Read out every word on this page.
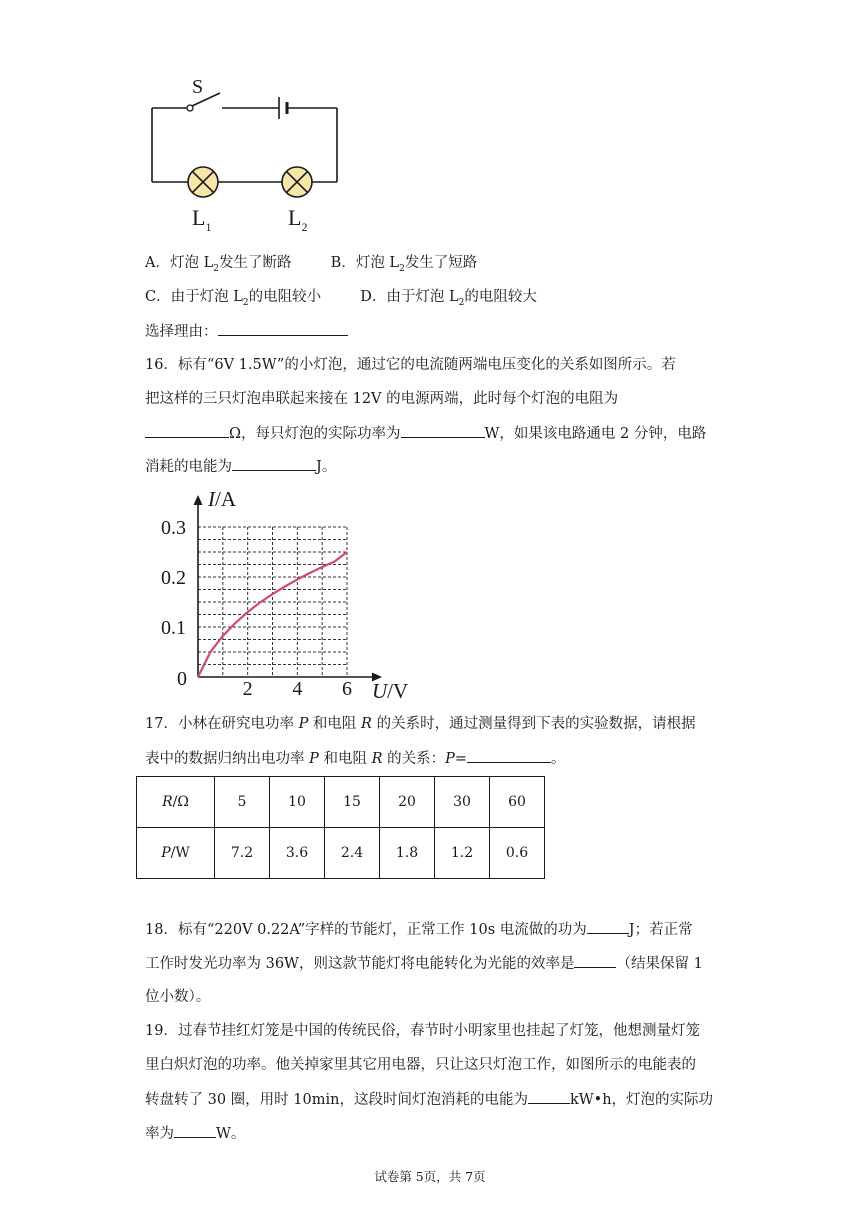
S
$L_1$	$L_2$
A．灯泡 $L_2$发生了断路	B．灯泡 $L_2$发生了短路
C．由于灯泡 $L_2$的电阻较小	D．由于灯泡 $L_2$的电阻较大
选择理由：
16．标有“6V 1.5W”的小灯泡，通过它的电流随两端电压变化的关系如图所示。若
把这样的三只灯泡串联起来接在 12V 的电源两端，此时每个灯泡的电阻为
Ω，每只灯泡的实际功率为	W，如果该电路通电 2 分钟，电路
消耗的电能为	J。
2 4 6
0.1
0.2
0.3
I/A
U/V
0
17．小林在研究电功率 P 和电阻 R 的关系时，通过测量得到下表的实验数据，请根据
表中的数据归纳出电功率 P 和电阻 R 的关系：P=	。
R/Ω	5	10	15	20	30	60
P/W	7.2	3.6	2.4	1.8	1.2	0.6
18．标有“220V 0.22A”字样的节能灯，正常工作 10s 电流做的功为	J；若正常
工作时发光功率为 36W，则这款节能灯将电能转化为光能的效率是	（结果保留 1
位小数）。
19．过春节挂红灯笼是中国的传统民俗，春节时小明家里也挂起了灯笼，他想测量灯笼
里白炽灯泡的功率。他关掉家里其它用电器，只让这只灯泡工作，如图所示的电能表的
转盘转了 30 圈，用时 10min，这段时间灯泡消耗的电能为	kW•h，灯泡的实际功
率为	W。
试卷第 5页，共 7页
